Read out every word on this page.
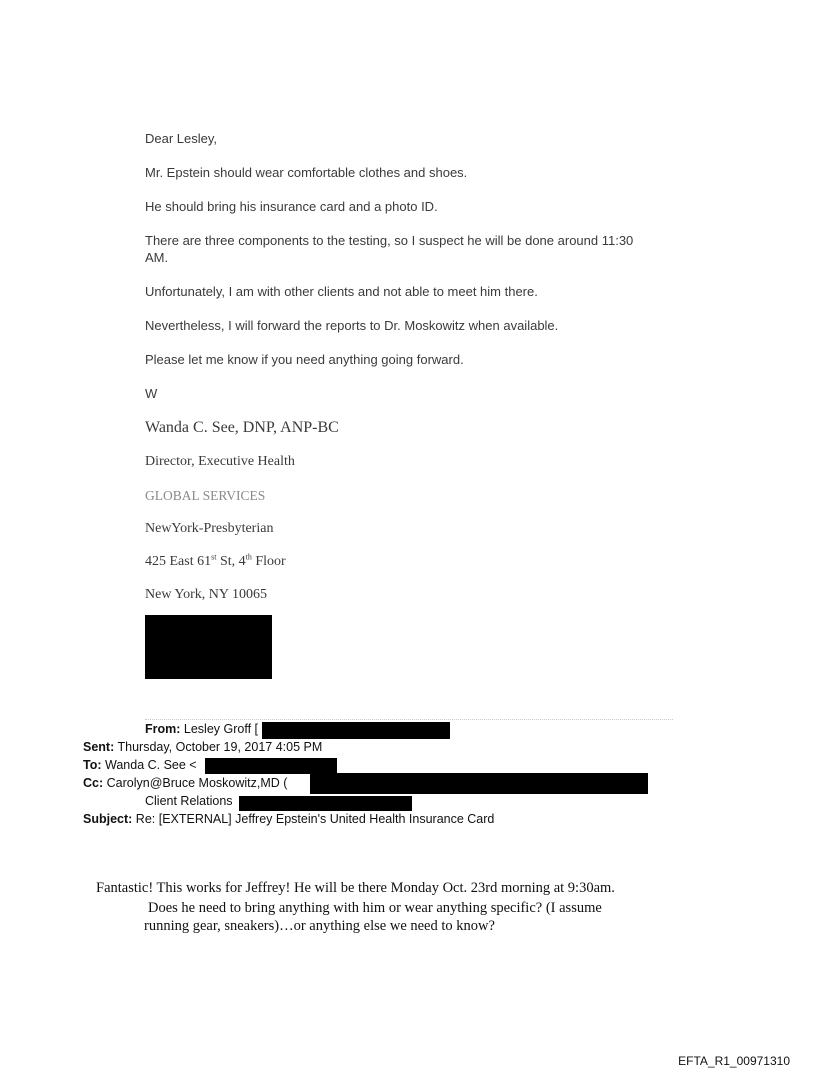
Dear Lesley,
Mr. Epstein should wear comfortable clothes and shoes.
He should bring his insurance card and a photo ID.
There are three components to the testing, so I suspect he will be done around 11:30
AM.
Unfortunately, I am with other clients and not able to meet him there.
Nevertheless, I will forward the reports to Dr. Moskowitz when available.
Please let me know if you need anything going forward.
W
Wanda C. See, DNP, ANP-BC
Director, Executive Health
GLOBAL SERVICES
NewYork-Presbyterian
425 East 61st St, 4th Floor
New York, NY 10065
From: Lesley Groff [
Sent: Thursday, October 19, 2017 4:05 PM
To: Wanda C. See <
Cc: Carolyn@Bruce Moskowitz,MD (
Client Relations
Subject: Re: [EXTERNAL] Jeffrey Epstein's United Health Insurance Card
Fantastic! This works for Jeffrey! He will be there Monday Oct. 23rd morning at 9:30am.
Does he need to bring anything with him or wear anything specific? (I assume
running gear, sneakers)…or anything else we need to know?
EFTA_R1_00971310
